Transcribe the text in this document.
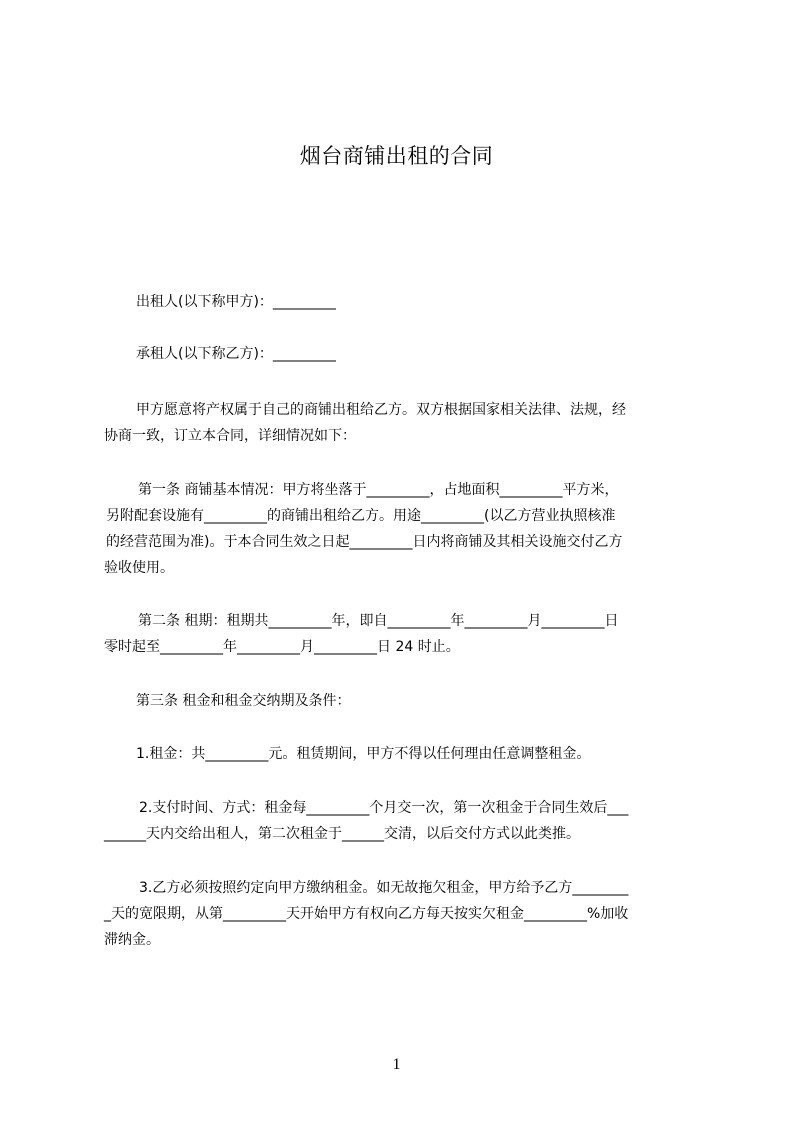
烟台商铺出租的合同
出租人(以下称甲方)：_________
承租人(以下称乙方)：_________
甲方愿意将产权属于自己的商铺出租给乙方。双方根据国家相关法律、法规，经
协商一致，订立本合同，详细情况如下：
第一条 商铺基本情况：甲方将坐落于_________，占地面积_________平方米，
另附配套设施有_________的商铺出租给乙方。用途_________(以乙方营业执照核准
的经营范围为准)。于本合同生效之日起_________日内将商铺及其相关设施交付乙方
验收使用。
第二条 租期：租期共_________年，即自_________年_________月_________日
零时起至_________年_________月_________日 24 时止。
第三条 租金和租金交纳期及条件：
1.租金：共_________元。租赁期间，甲方不得以任何理由任意调整租金。
2.支付时间、方式：租金每_________个月交一次，第一次租金于合同生效后___
______天内交给出租人，第二次租金于______交清，以后交付方式以此类推。
3.乙方必须按照约定向甲方缴纳租金。如无故拖欠租金，甲方给予乙方________
_天的宽限期，从第_________天开始甲方有权向乙方每天按实欠租金_________%加收
滞纳金。
1
